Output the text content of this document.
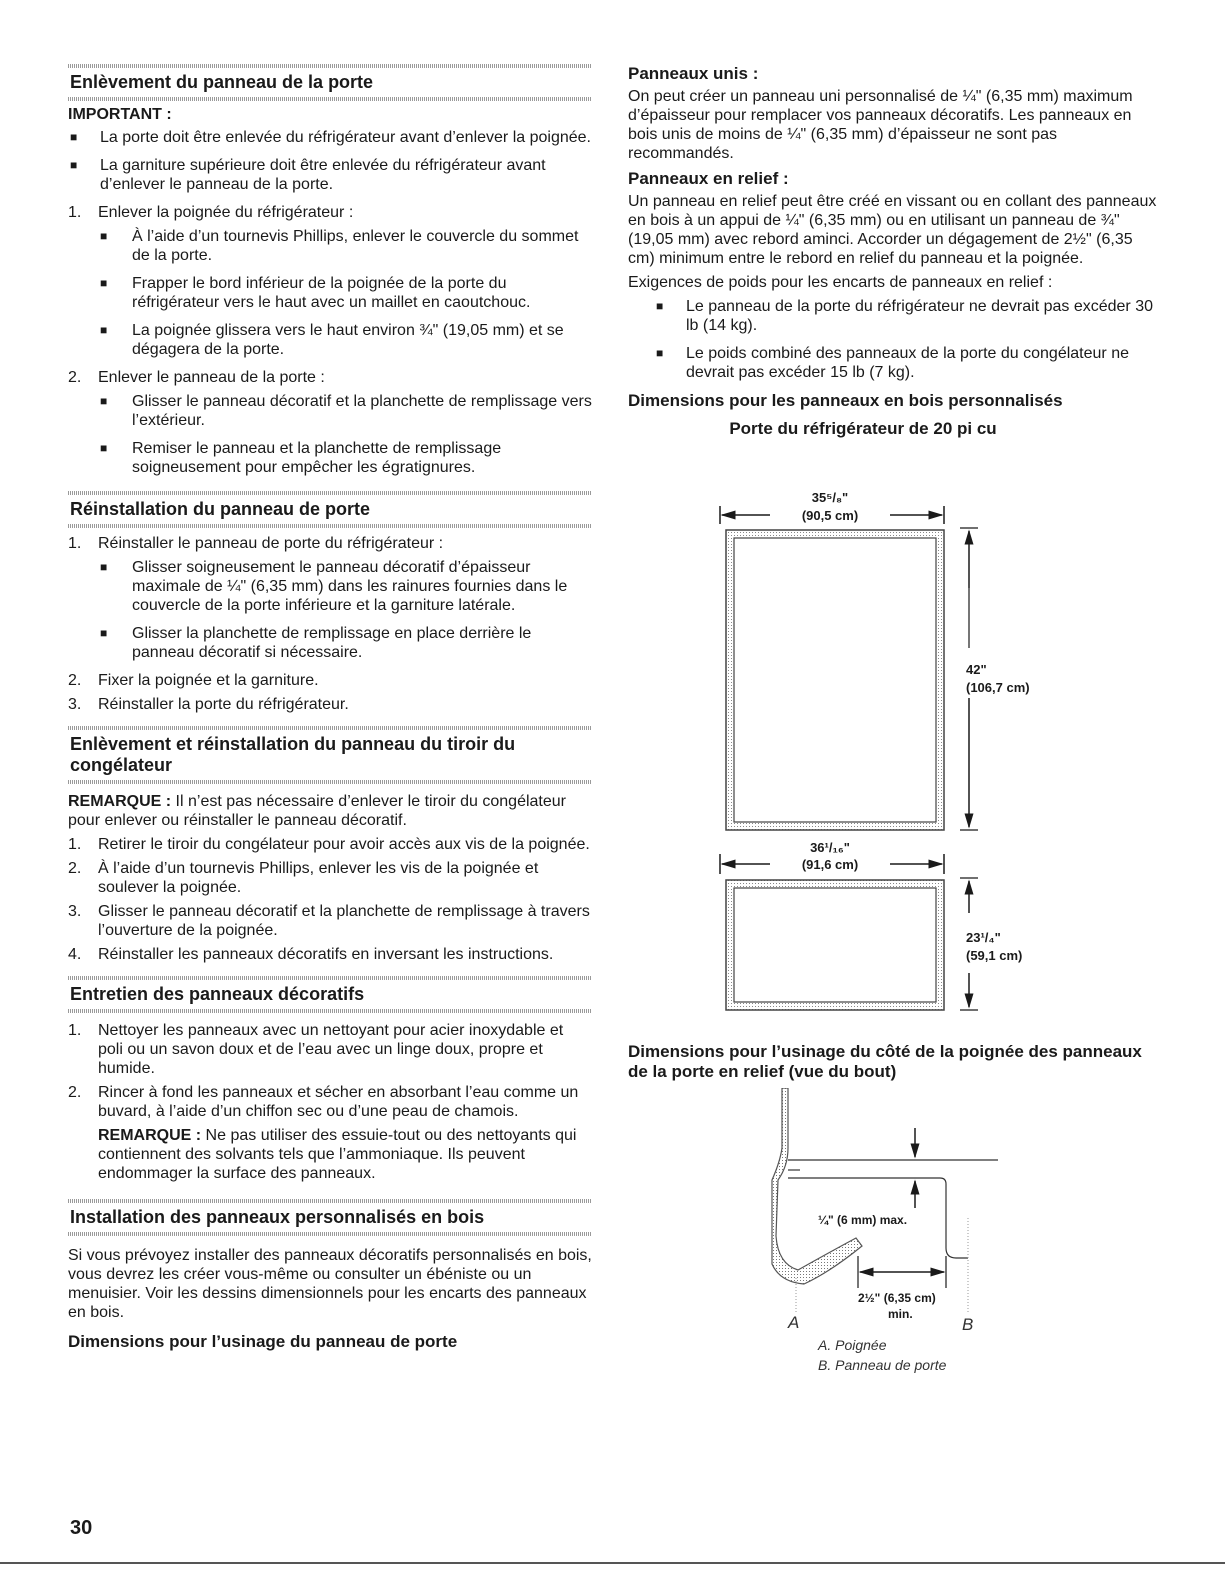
Enlèvement du panneau de la porte
IMPORTANT :
■ La porte doit être enlevée du réfrigérateur avant d’enlever la poignée.
■ La garniture supérieure doit être enlevée du réfrigérateur avant d’enlever le panneau de la porte.
1. Enlever la poignée du réfrigérateur :
■ À l’aide d’un tournevis Phillips, enlever le couvercle du sommet de la porte.
■ Frapper le bord inférieur de la poignée de la porte du réfrigérateur vers le haut avec un maillet en caoutchouc.
■ La poignée glissera vers le haut environ ¾" (19,05 mm) et se dégagera de la porte.
2. Enlever le panneau de la porte :
■ Glisser le panneau décoratif et la planchette de remplissage vers l’extérieur.
■ Remiser le panneau et la planchette de remplissage soigneusement pour empêcher les égratignures.
Réinstallation du panneau de porte
1. Réinstaller le panneau de porte du réfrigérateur :
■ Glisser soigneusement le panneau décoratif d’épaisseur maximale de ¼" (6,35 mm) dans les rainures fournies dans le couvercle de la porte inférieure et la garniture latérale.
■ Glisser la planchette de remplissage en place derrière le panneau décoratif si nécessaire.
2. Fixer la poignée et la garniture.
3. Réinstaller la porte du réfrigérateur.
Enlèvement et réinstallation du panneau du tiroir du congélateur

REMARQUE : Il n’est pas nécessaire d’enlever le tiroir du congélateur pour enlever ou réinstaller le panneau décoratif.

1. Retirer le tiroir du congélateur pour avoir accès aux vis de la poignée.
2. À l’aide d’un tournevis Phillips, enlever les vis de la poignée et soulever la poignée.
3. Glisser le panneau décoratif et la planchette de remplissage à travers l’ouverture de la poignée.
4. Réinstaller les panneaux décoratifs en inversant les instructions.
Entretien des panneaux décoratifs
1. Nettoyer les panneaux avec un nettoyant pour acier inoxydable et poli ou un savon doux et de l’eau avec un linge doux, propre et humide.
2. Rincer à fond les panneaux et sécher en absorbant l’eau comme un buvard, à l’aide d’un chiffon sec ou d’une peau de chamois.
REMARQUE : Ne pas utiliser des essuie-tout ou des nettoyants qui contiennent des solvants tels que l’ammoniaque. Ils peuvent endommager la surface des panneaux.
Installation des panneaux personnalisés en bois

Si vous prévoyez installer des panneaux décoratifs personnalisés en bois, vous devrez les créer vous-même ou consulter un ébéniste ou un menuisier. Voir les dessins dimensionnels pour les encarts des panneaux en bois.

Dimensions pour l’usinage du panneau de porte
Panneaux unis :

On peut créer un panneau uni personnalisé de ¼" (6,35 mm) maximum d’épaisseur pour remplacer vos panneaux décoratifs. Les panneaux en bois unis de moins de ¼" (6,35 mm) d’épaisseur ne sont pas recommandés.

Panneaux en relief :

Un panneau en relief peut être créé en vissant ou en collant des panneaux en bois à un appui de ¼" (6,35 mm) ou en utilisant un panneau de ¾" (19,05 mm) avec rebord aminci. Accorder un dégagement de 2½" (6,35 cm) minimum entre le rebord en relief du panneau et la poignée.

Exigences de poids pour les encarts de panneaux en relief :

■ Le panneau de la porte du réfrigérateur ne devrait pas excéder 30 lb (14 kg).
■ Le poids combiné des panneaux de la porte du congélateur ne devrait pas excéder 15 lb (7 kg).
Dimensions pour les panneaux en bois personnalisés
Porte du réfrigérateur de 20 pi cu
35⁵/₈"
(90,5 cm)
42"
(106,7 cm)
36¹/₁₆"
(91,6 cm)
23¹/₄"
(59,1 cm)
Dimensions pour l’usinage du côté de la poignée des panneaux de la porte en relief (vue du bout)
¼" (6 mm) max.
2½" (6,35 cm)
min.
A	B
A. Poignée
B. Panneau de porte
30
